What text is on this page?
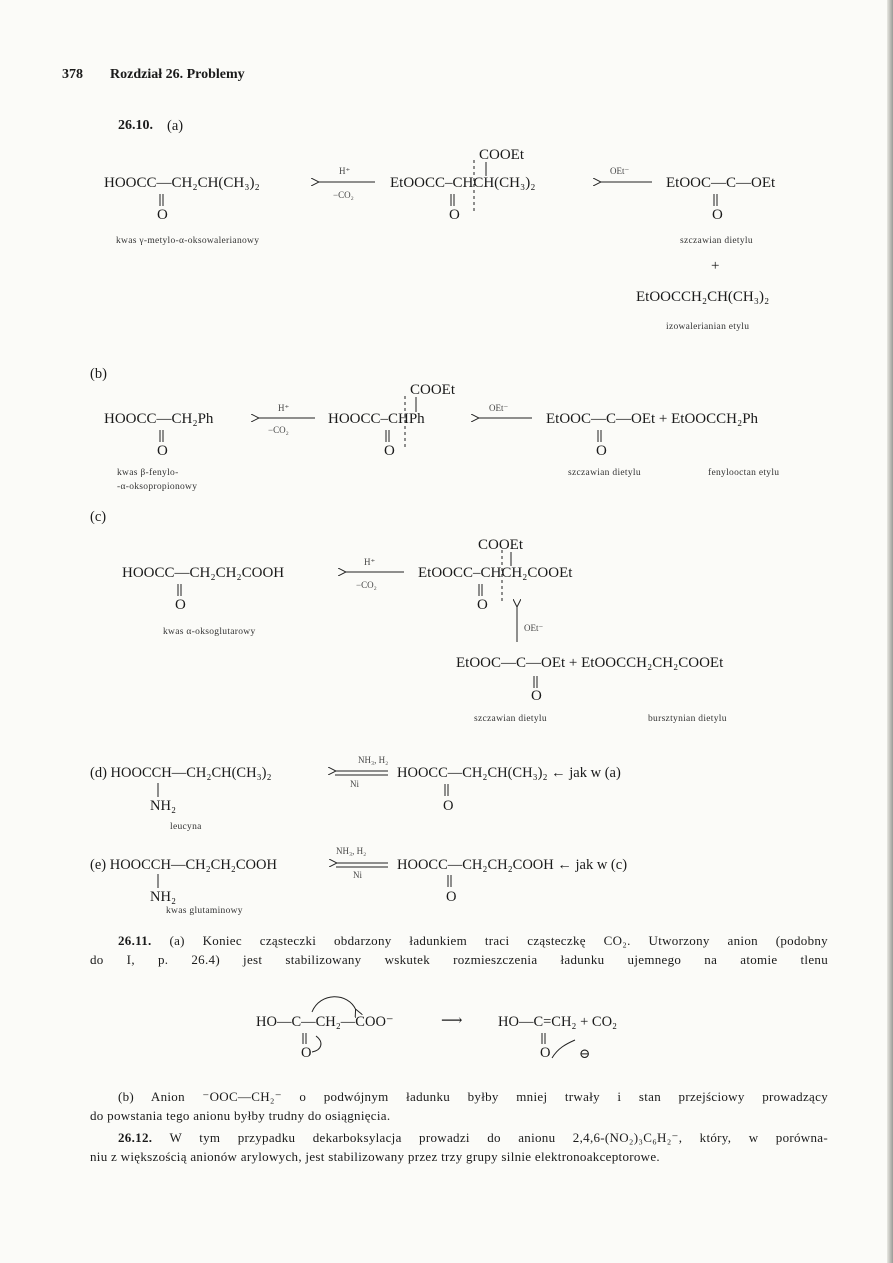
378 Rozdział 26. Problemy
26.10. (a)
COOEt
HOOCC—CH₂CH(CH₃)₂
H⁺
−CO₂
EtOOCC–CHCH(CH₃)₂
OEt⁻
EtOOC—C—OEt
O	O	O
kwas γ-metylo-α-oksowalerianowy	szczawian dietylu
+
EtOOCCH₂CH(CH₃)₂
izowalerianian etylu
(b)
COOEt
HOOCC—CH₂Ph
H⁺
−CO₂
HOOCC–CHPh
OEt⁻
EtOOC—C—OEt + EtOOCCH₂Ph
O	O	O
kwas β-fenylo-
-α-oksopropionowy
szczawian dietylu	fenylooctan etylu
(c)
COOEt
HOOCC—CH₂CH₂COOH
H⁺
−CO₂
EtOOCC–CHCH₂COOEt
O	O
kwas α-oksoglutarowy	OEt⁻
EtOOC—C—OEt + EtOOCCH₂CH₂COOEt
O
szczawian dietylu	bursztynian dietylu
(d) HOOCCH—CH₂CH(CH₃)₂
NH₃, H₂
Ni
HOOCC—CH₂CH(CH₃)₂ ← jak w (a)
NH₂	O
leucyna
(e) HOOCCH—CH₂CH₂COOH
NH₃, H₂
Ni
HOOCC—CH₂CH₂COOH ← jak w (c)
NH₂	O
kwas glutaminowy
26.11. (a) Koniec cząsteczki obdarzony ładunkiem traci cząsteczkę CO₂. Utworzony anion (podobny
do I, p. 26.4) jest stabilizowany wskutek rozmieszczenia ładunku ujemnego na atomie tlenu
HO—C—CH₂—COO⁻	⟶ HO—C=CH₂ + CO₂
O	O ⊖
(b) Anion ⁻OOC—CH₂⁻ o podwójnym ładunku byłby mniej trwały i stan przejściowy prowadzący
do powstania tego anionu byłby trudny do osiągnięcia.
26.12. W tym przypadku dekarboksylacja prowadzi do anionu 2,4,6-(NO₂)₃C₆H₂⁻, który, w porówna-
niu z większością anionów arylowych, jest stabilizowany przez trzy grupy silnie elektronoakceptorowe.
